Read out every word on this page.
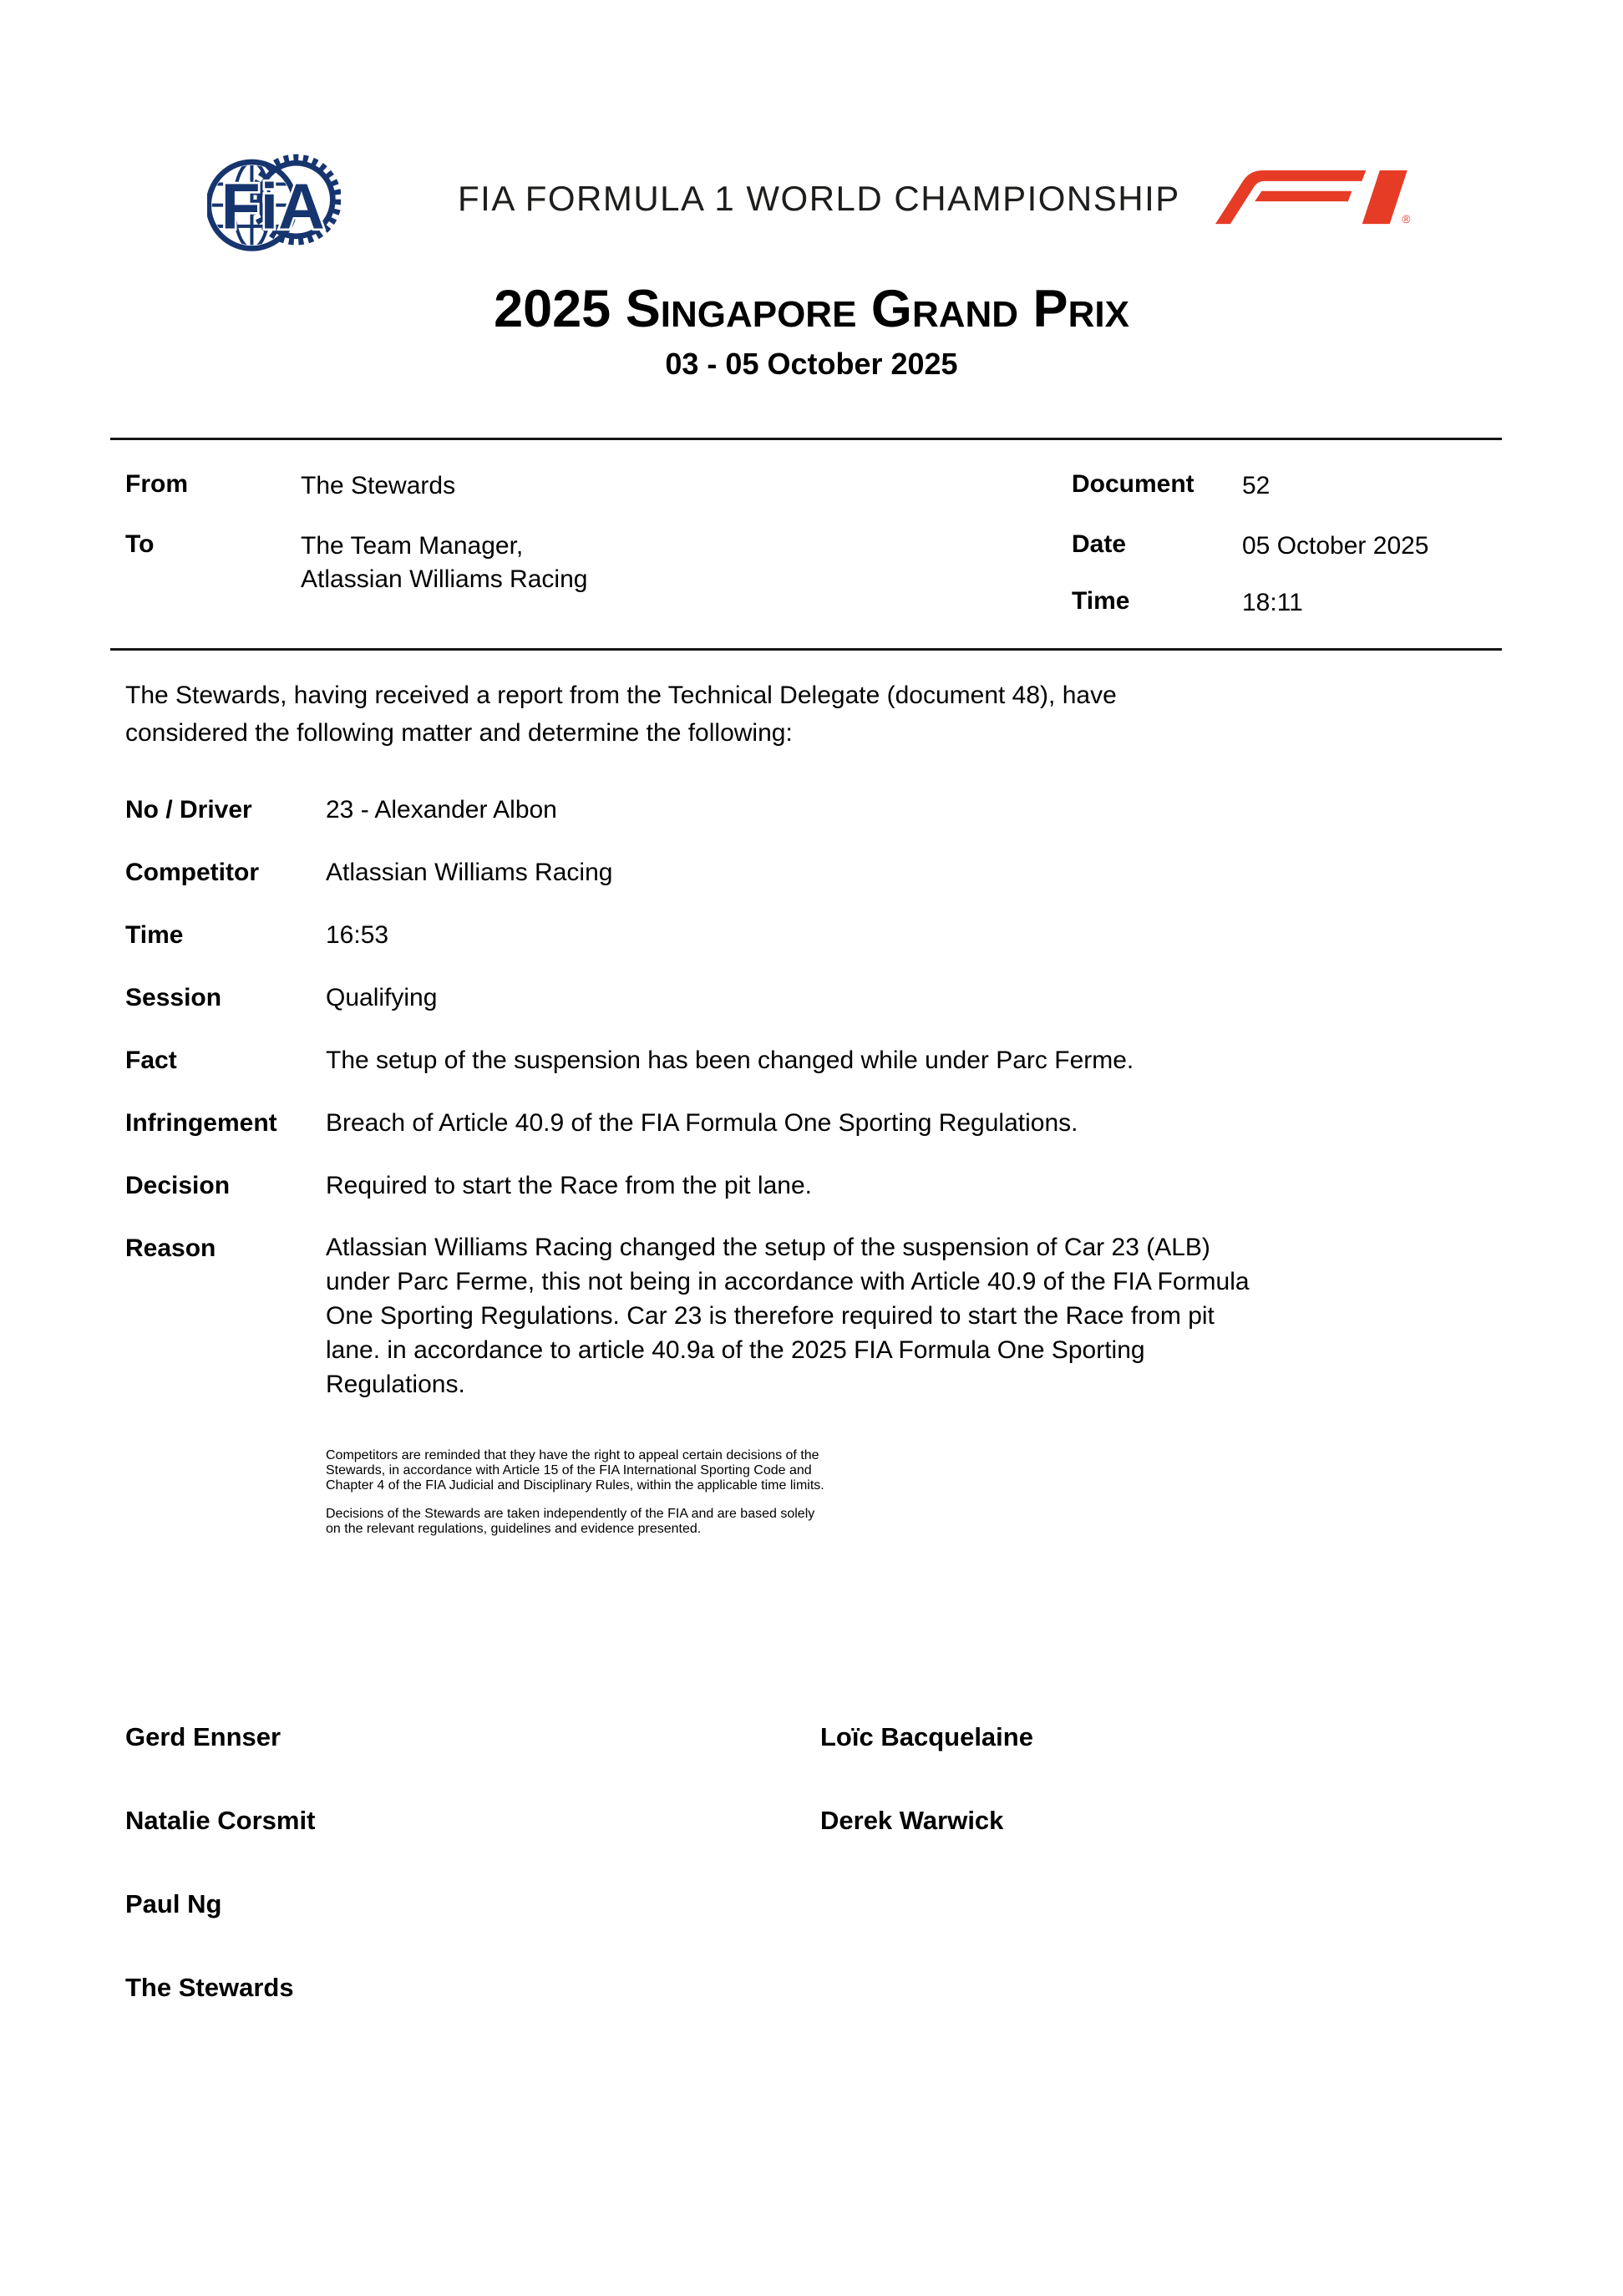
FiA	FIA FORMULA 1 WORLD CHAMPIONSHIP
®
2025 Singapore Grand Prix
03 - 05 October 2025
From	The Stewards
To	The Team Manager,
Atlassian Williams Racing
Document 52
Date	05 October 2025
Time	18:11
The Stewards, having received a report from the Technical Delegate (document 48), have
considered the following matter and determine the following:
No / Driver	23 - Alexander Albon
Competitor	Atlassian Williams Racing
Time	16:53
Session	Qualifying
Fact	The setup of the suspension has been changed while under Parc Ferme.
Infringement	Breach of Article 40.9 of the FIA Formula One Sporting Regulations.
Decision	Required to start the Race from the pit lane.
Reason	Atlassian Williams Racing changed the setup of the suspension of Car 23 (ALB)
under Parc Ferme, this not being in accordance with Article 40.9 of the FIA Formula
One Sporting Regulations. Car 23 is therefore required to start the Race from pit
lane. in accordance to article 40.9a of the 2025 FIA Formula One Sporting
Regulations.

Competitors are reminded that they have the right to appeal certain decisions of the
Stewards, in accordance with Article 15 of the FIA International Sporting Code and
Chapter 4 of the FIA Judicial and Disciplinary Rules, within the applicable time limits.

Decisions of the Stewards are taken independently of the FIA and are based solely
on the relevant regulations, guidelines and evidence presented.

Gerd Ennser	Loïc Bacquelaine
Natalie Corsmit	Derek Warwick
Paul Ng
The Stewards
